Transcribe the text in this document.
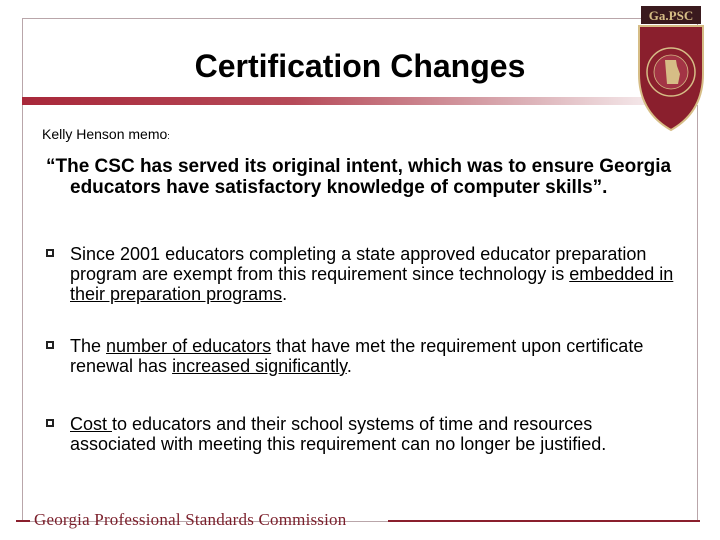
Certification Changes
Ga.PSC
Kelly Henson memo:
“The CSC has served its original intent, which was to ensure Georgia educators have satisfactory knowledge of computer skills”.
Since 2001 educators completing a state approved educator preparation program are exempt from this requirement since technology is embedded in their preparation programs.
The number of educators that have met the requirement upon certificate renewal has increased significantly.
Cost to educators and their school systems of time and resources associated with meeting this requirement can no longer be justified.
Georgia Professional Standards Commission
